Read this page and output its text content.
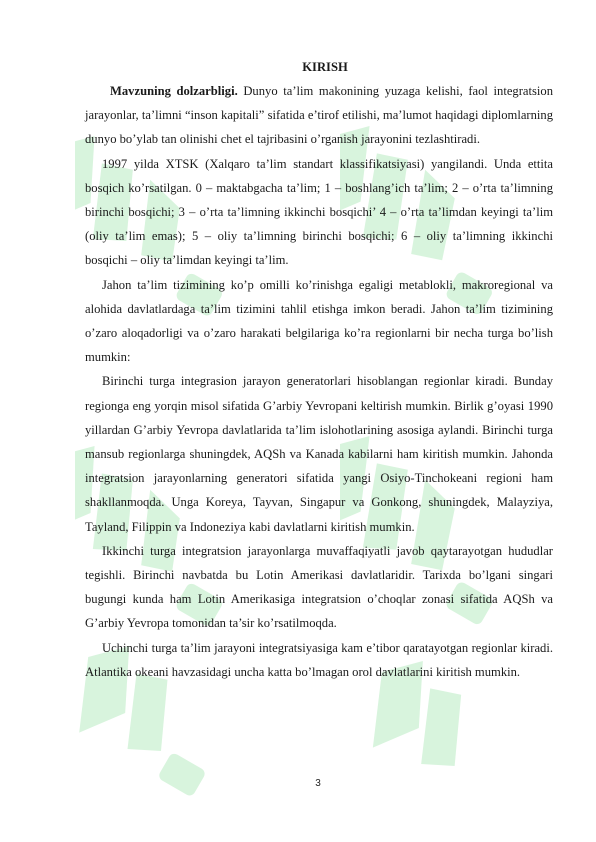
KIRISH

Mavzuning dolzarbligi. Dunyo ta’lim makonining yuzaga kelishi, faol integratsion jarayonlar, ta’limni “inson kapitali” sifatida e’tirof etilishi, ma’lumot haqidagi diplomlarning dunyo bo’ylab tan olinishi chet el tajribasini o’rganish jarayonini tezlashtiradi.

1997 yilda XTSK (Xalqaro ta’lim standart klassifikatsiyasi) yangilandi. Unda ettita bosqich ko’rsatilgan. 0 – maktabgacha ta’lim; 1 – boshlang’ich ta’lim; 2 – o’rta ta’limning birinchi bosqichi; 3 – o’rta ta’limning ikkinchi bosqichi’ 4 – o’rta ta’limdan keyingi ta’lim (oliy ta’lim emas); 5 – oliy ta’limning birinchi bosqichi; 6 – oliy ta’limning ikkinchi bosqichi – oliy ta’limdan keyingi ta’lim.

Jahon ta’lim tizimining ko’p omilli ko’rinishga egaligi metablokli, makroregional va alohida davlatlardaga ta’lim tizimini tahlil etishga imkon beradi. Jahon ta’lim tizimining o’zaro aloqadorligi va o’zaro harakati belgilariga ko’ra regionlarni bir necha turga bo’lish mumkin:

Birinchi turga integrasion jarayon generatorlari hisoblangan regionlar kiradi. Bunday regionga eng yorqin misol sifatida G’arbiy Yevropani keltirish mumkin. Birlik g’oyasi 1990 yillardan G’arbiy Yevropa davlatlarida ta’lim islohotlarining asosiga aylandi. Birinchi turga mansub regionlarga shuningdek, AQSh va Kanada kabilarni ham kiritish mumkin. Jahonda integratsion jarayonlarning generatori sifatida yangi Osiyo-Tinchokeani regioni ham shakllanmoqda. Unga Koreya, Tayvan, Singapur va Gonkong, shuningdek, Malayziya, Tayland, Filippin va Indoneziya kabi davlatlarni kiritish mumkin.

Ikkinchi turga integratsion jarayonlarga muvaffaqiyatli javob qaytarayotgan hududlar tegishli. Birinchi navbatda bu Lotin Amerikasi davlatlaridir. Tarixda bo’lgani singari bugungi kunda ham Lotin Amerikasiga integratsion o’choqlar zonasi sifatida AQSh va G’arbiy Yevropa tomonidan ta’sir ko’rsatilmoqda.

Uchinchi turga ta’lim jarayoni integratsiyasiga kam e’tibor qaratayotgan regionlar kiradi. Atlantika okeani havzasidagi uncha katta bo’lmagan orol davlatlarini kiritish mumkin.

3
